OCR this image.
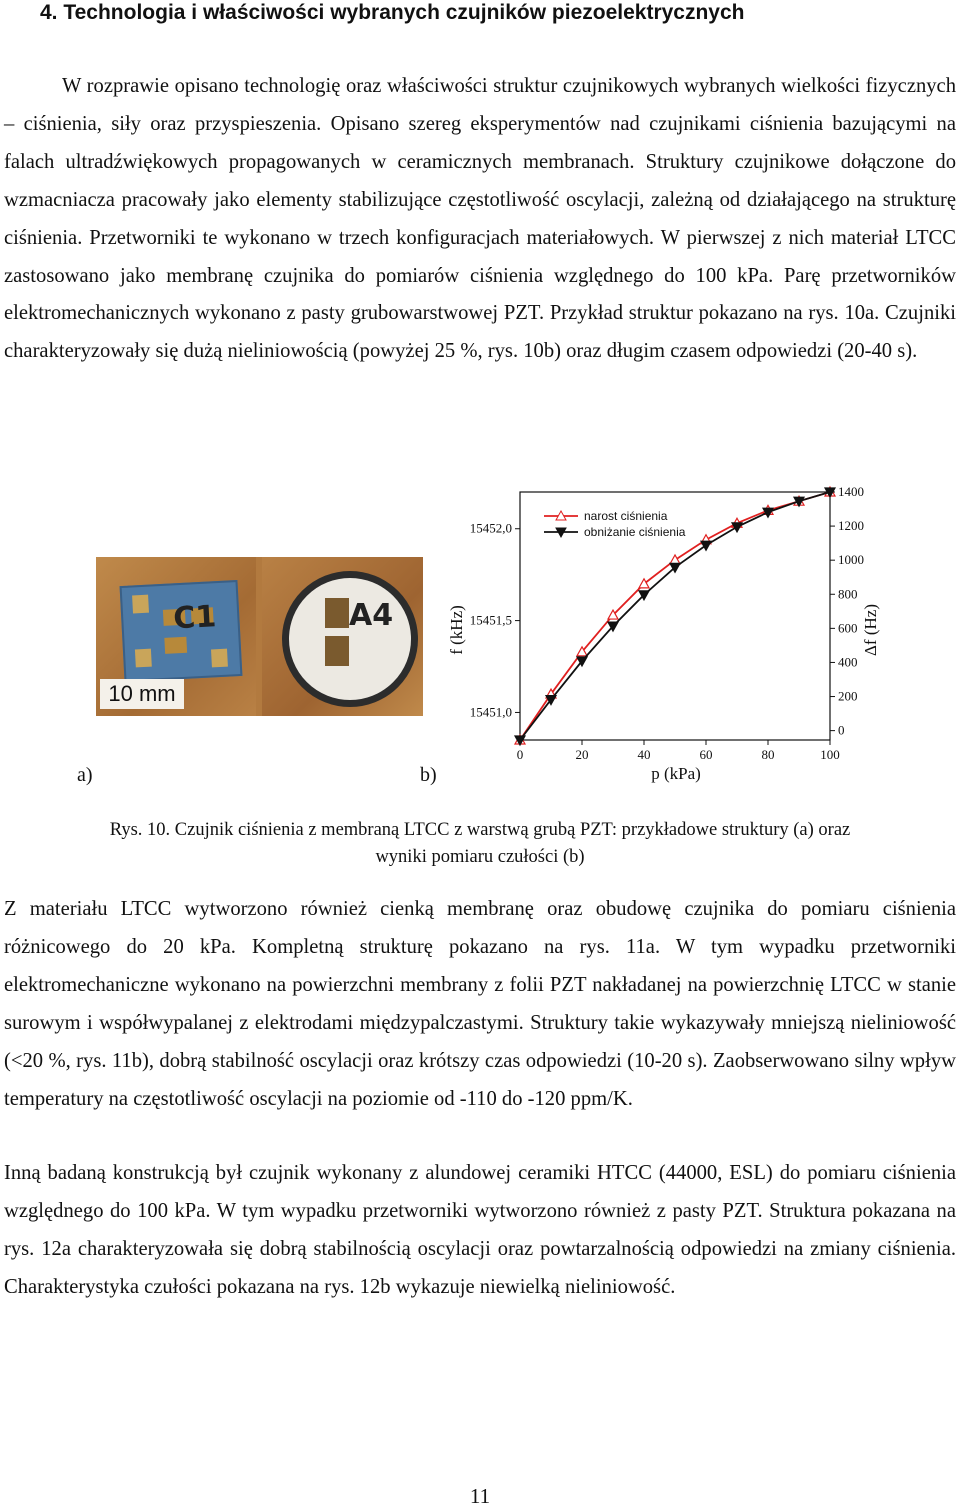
4. Technologia i właściwości wybranych czujników piezoelektrycznych

W rozprawie opisano technologię oraz właściwości struktur czujnikowych wybranych wielkości fizycznych – ciśnienia, siły oraz przyspieszenia. Opisano szereg eksperymentów nad czujnikami ciśnienia bazującymi na falach ultradźwiękowych propagowanych w ceramicznych membranach. Struktury czujnikowe dołączone do wzmacniacza pracowały jako elementy stabilizujące częstotliwość oscylacji, zależną od działającego na strukturę ciśnienia. Przetworniki te wykonano w trzech konfiguracjach materiałowych. W pierwszej z nich materiał LTCC zastosowano jako membranę czujnika do pomiarów ciśnienia względnego do 100 kPa. Parę przetworników elektromechanicznych wykonano z pasty grubowarstwowej PZT. Przykład struktur pokazano na rys. 10a. Czujniki charakteryzowały się dużą nieliniowością (powyżej 25 %, rys. 10b) oraz długim czasem odpowiedzi (20-40 s).

C1
10 mm
A4
0	20	40	60	80	100
15451,0
15451,5
15452,0
0
200
400
600
800
1000
1200
1400
narost ciśnienia
obniżanie ciśnienia
p (kPa)
f (kHz)	Δf (Hz)
a)	b)
Rys. 10. Czujnik ciśnienia z membraną LTCC z warstwą grubą PZT: przykładowe struktury (a) oraz
wyniki pomiaru czułości (b)

Z materiału LTCC wytworzono również cienką membranę oraz obudowę czujnika do pomiaru ciśnienia różnicowego do 20 kPa. Kompletną strukturę pokazano na rys. 11a. W tym wypadku przetworniki elektromechaniczne wykonano na powierzchni membrany z folii PZT nakładanej na powierzchnię LTCC w stanie surowym i współwypalanej z elektrodami międzypalczastymi. Struktury takie wykazywały mniejszą nieliniowość (<20 %, rys. 11b), dobrą stabilność oscylacji oraz krótszy czas odpowiedzi (10-20 s). Zaobserwowano silny wpływ temperatury na częstotliwość oscylacji na poziomie od -110 do -120 ppm/K.

Inną badaną konstrukcją był czujnik wykonany z alundowej ceramiki HTCC (44000, ESL) do pomiaru ciśnienia względnego do 100 kPa. W tym wypadku przetworniki wytworzono również z pasty PZT. Struktura pokazana na rys. 12a charakteryzowała się dobrą stabilnością oscylacji oraz powtarzalnością odpowiedzi na zmiany ciśnienia. Charakterystyka czułości pokazana na rys. 12b wykazuje niewielką nieliniowość.

11
